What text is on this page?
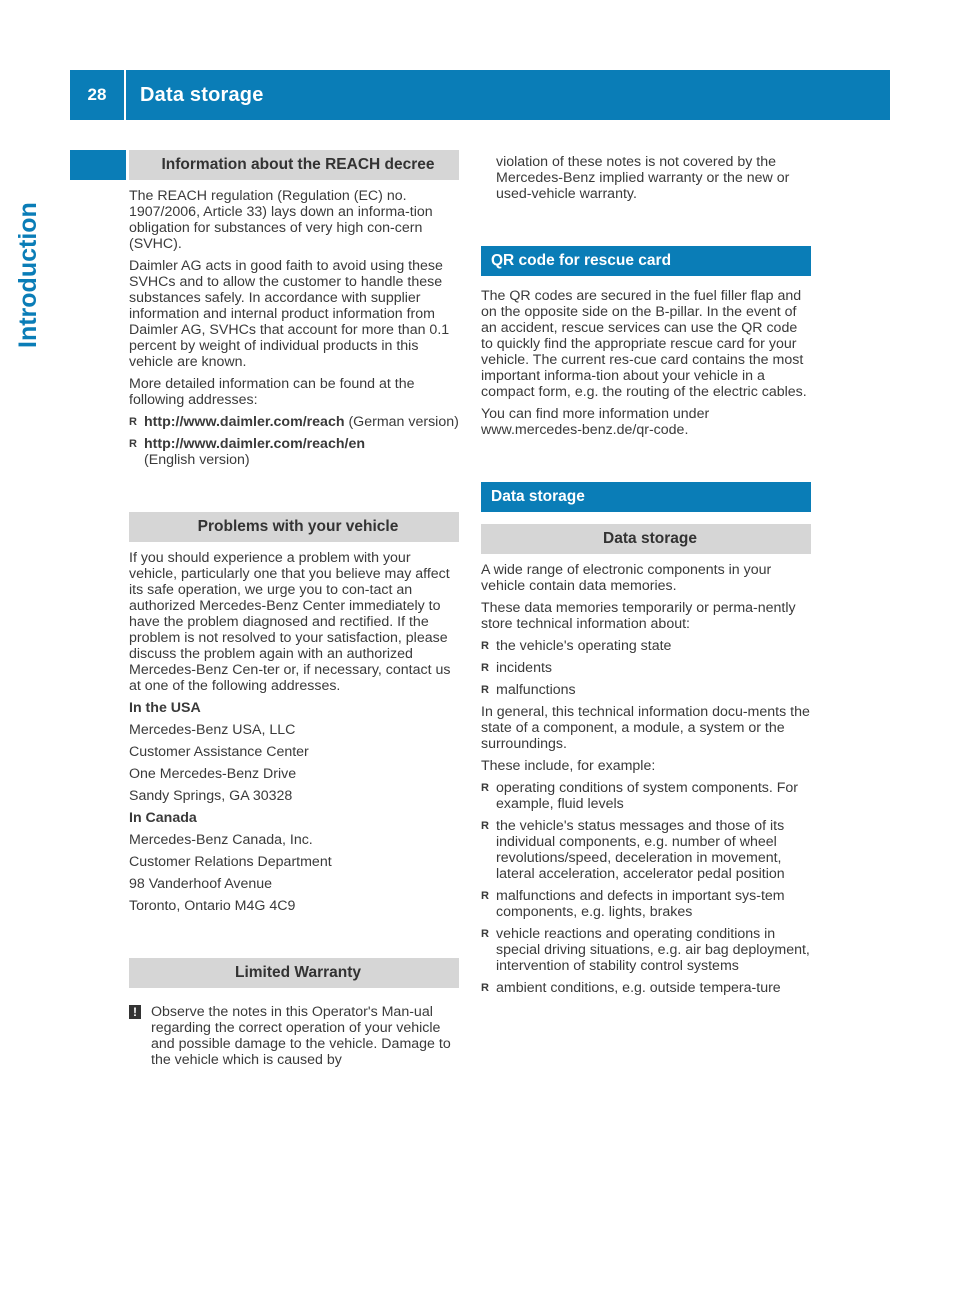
28	Data storage
Introduction
Information about the REACH decree

The REACH regulation (Regulation (EC) no. 1907/2006, Article 33) lays down an informa-tion obligation for substances of very high con-cern (SVHC).

Daimler AG acts in good faith to avoid using these SVHCs and to allow the customer to handle these substances safely. In accordance with supplier information and internal product information from Daimler AG, SVHCs that account for more than 0.1 percent by weight of individual products in this vehicle are known.

More detailed information can be found at the following addresses:

R http://www.daimler.com/reach (German version)
R http://www.daimler.com/reach/en
(English version)
Problems with your vehicle

If you should experience a problem with your vehicle, particularly one that you believe may affect its safe operation, we urge you to con-tact an authorized Mercedes-Benz Center immediately to have the problem diagnosed and rectified. If the problem is not resolved to your satisfaction, please discuss the problem again with an authorized Mercedes-Benz Cen-ter or, if necessary, contact us at one of the following addresses.

In the USA

Mercedes-Benz USA, LLC

Customer Assistance Center

One Mercedes-Benz Drive

Sandy Springs, GA 30328

In Canada

Mercedes-Benz Canada, Inc.

Customer Relations Department

98 Vanderhoof Avenue

Toronto, Ontario M4G 4C9

Limited Warranty
! Observe the notes in this Operator's Man-ual regarding the correct operation of your vehicle and possible damage to the vehicle. Damage to the vehicle which is caused by

violation of these notes is not covered by the Mercedes-Benz implied warranty or the new or used-vehicle warranty.

QR code for rescue card

The QR codes are secured in the fuel filler flap and on the opposite side on the B-pillar. In the event of an accident, rescue services can use the QR code to quickly find the appropriate rescue card for your vehicle. The current res-cue card contains the most important informa-tion about your vehicle in a compact form, e.g. the routing of the electric cables.

You can find more information under www.mercedes-benz.de/qr-code.

Data storage
Data storage

A wide range of electronic components in your vehicle contain data memories.

These data memories temporarily or perma-nently store technical information about:

R the vehicle's operating state
R incidents
R malfunctions

In general, this technical information docu-ments the state of a component, a module, a system or the surroundings.

These include, for example:

R operating conditions of system components. For example, fluid levels
R the vehicle's status messages and those of its individual components, e.g. number of wheel revolutions/speed, deceleration in movement, lateral acceleration, accelerator pedal position
R malfunctions and defects in important sys-tem components, e.g. lights, brakes
R vehicle reactions and operating conditions in special driving situations, e.g. air bag deployment, intervention of stability control systems
R ambient conditions, e.g. outside tempera-ture
